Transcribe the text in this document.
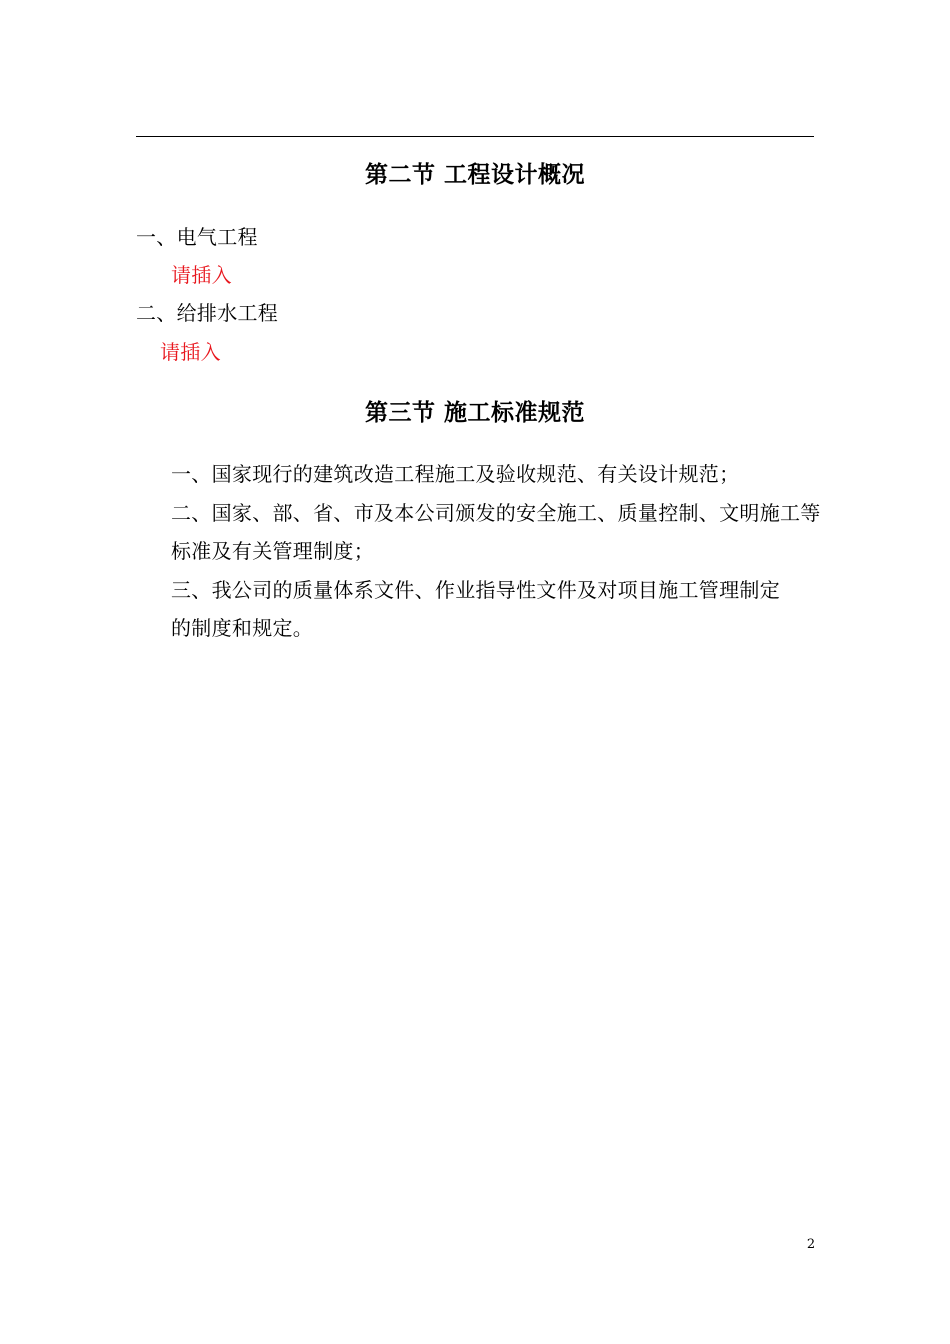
第二节 工程设计概况
一、电气工程
请插入
二、给排水工程
请插入
第三节 施工标准规范
一、国家现行的建筑改造工程施工及验收规范、有关设计规范；
二、国家、部、省、市及本公司颁发的安全施工、质量控制、文明施工等
标准及有关管理制度；
三、我公司的质量体系文件、作业指导性文件及对项目施工管理制定
的制度和规定。
2
